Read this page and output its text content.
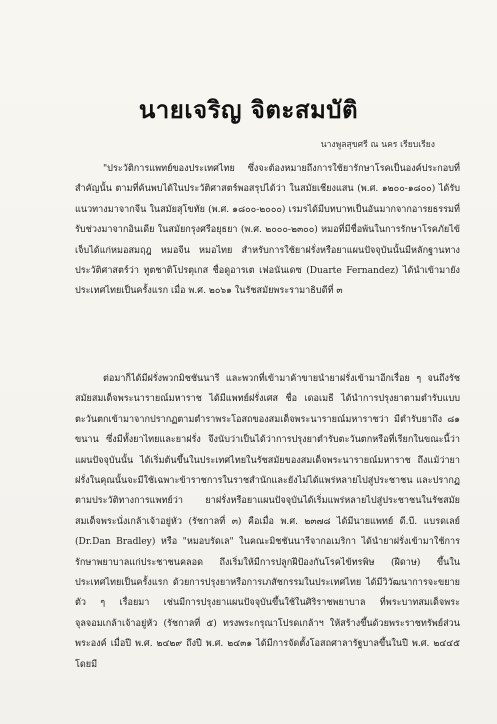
นายเจริญ จิตะสมบัติ
นางพูลสุขศรี ณ นคร เรียบเรียง
"ประวัติการแพทย์ของประเทศไทย ซึ่งจะต้องหมายถึงการใช้ยารักษาโรคเป็นองค์ประกอบที่สำคัญนั้น ตามที่ค้นพบได้ในประวัติศาสตร์พอสรุปได้ว่า ในสมัยเชียงแสน (พ.ศ. ๑๒๐๐-๑๘๐๐) ได้รับแนวทางมาจากจีน ในสมัยสุโขทัย (พ.ศ. ๑๘๐๐-๒๐๐๐) เรมรได้มีบทบาทเป็นอันมากจากอารยธรรมที่รับช่วงมาจากอินเดีย ในสมัยกรุงศรีอยุธยา (พ.ศ. ๒๐๐๐-๒๓๐๐) หมอที่มีชื่อพ้นในการรักษาโรคภัยไข้เจ็บได้แก่หมอสมฤฎ หมอจีน หมอไทย สำหรับการใช้ยาฝรั่งหรือยาแผนปัจจุบันนั้นมีหลักฐานทางประวัติศาสตร์ว่า ทูตชาติโปรตุเกส ชื่อดูอารเต เฟอนันเดซ (Duarte Fernandez) ได้นำเข้ามายังประเทศไทยเป็นครั้งแรก เมื่อ พ.ศ. ๒๐๖๑ ในรัชสมัยพระรามาธิบดีที่ ๓
ต่อมาก็ได้มีฝรั่งพวกมิชชันนารี และพวกที่เข้ามาค้าขายนำยาฝรั่งเข้ามาอีกเรื่อย ๆ จนถึงรัชสมัยสมเด็จพระนารายณ์มหาราช ได้มีแพทย์ฝรั่งเศส ชื่อ เดอเมธี ได้นำการปรุงยาตามตำรับแบบตะวันตกเข้ามาจากปรากฏตามตำราพระโอสถของสมเด็จพระนารายณ์มหาราชว่า มีตำรับยาถึง ๘๑ ขนาน ซึ่งมีทั้งยาไทยและยาฝรั่ง จึงนับว่าเป็นได้ว่าการปรุงยาตำรับตะวันตกหรือที่เรียกในขณะนี้ว่าแผนปัจจุบันนั้น ได้เริ่มต้นขึ้นในประเทศไทยในรัชสมัยของสมเด็จพระนารายณ์มหาราช ถึงแม้ว่ายาฝรั่งในคุณนั้นจะมีใช้เฉพาะข้าราชการในราชสำนักและยังไม่ได้แพร่หลายไปสู่ประชาชน และปรากฏตามประวัติทางการแพทย์ว่า ยาฝรั่งหรือยาแผนปัจจุบันได้เริ่มแพร่หลายไปสู่ประชาชนในรัชสมัยสมเด็จพระนั่งเกล้าเจ้าอยู่หัว (รัชกาลที่ ๓) คือเมื่อ พ.ศ. ๒๓๗๘ ได้มีนายแพทย์ ดี.บี. แบรดเลย์ (Dr.Dan Bradley) หรือ "หมอบรัดเล" ในคณะมิชชันนารีจากอเมริกา ได้นำยาฝรั่งเข้ามาใช้การรักษาพยาบาลแก่ประชาชนคลอด ถึงเริ่มให้มีการปลูกฝีป้องกันโรคไข้ทรพิษ (ฝีดาษ) ขึ้นในประเทศไทยเป็นครั้งแรก ด้วยการปรุงยาหรือการเภสัชกรรมในประเทศไทย ได้มีวิวัฒนาการจะขยายตัว ๆ เรื่อยมา เช่นมีการปรุงยาแผนปัจจุบันขึ้นใช้ในศิริราชพยาบาล ที่พระบาทสมเด็จพระจุลจอมเกล้าเจ้าอยู่หัว (รัชกาลที่ ๕) ทรงพระกรุณาโปรดเกล้าฯ ให้สร้างขึ้นด้วยพระราชทรัพย์ส่วนพระองค์ เมื่อปี พ.ศ. ๒๔๒๙ ถึงปี พ.ศ. ๒๔๓๑ ได้มีการจัดตั้งโอสถศาลารัฐบาลขึ้นในปี พ.ศ. ๒๔๔๕ โดยมี
